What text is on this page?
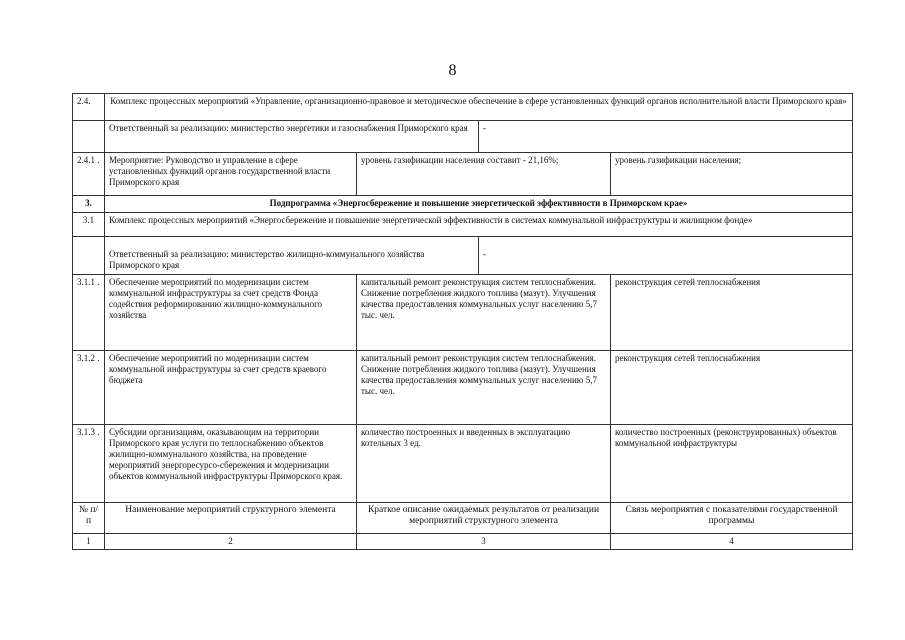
8
2.4.	Комплекс процессных мероприятий «Управление, организационно-правовое и методическое обеспечение в сфере установленных функций органов исполнительной власти Приморского края»			
	Ответственный за реализацию: министерство энергетики и газоснабжения Приморского края		-	
2.4.1 .	Мероприятие: Руководство и управление в сфере установленных функций органов государственной власти Приморского края	уровень газификации населения составит - 21,16%;		уровень газификации населения;
3.	Подпрограмма «Энергосбережение и повышение энергетической эффективности в Приморском крае»			
3.1	Комплекс процессных мероприятий «Энергосбережение и повышение энергетической эффективности в системах коммунальной инфраструктуры и жилищном фонде»			
	Ответственный за реализацию: министерство жилищно-коммунального хозяйства Приморского края		-	
3.1.1 .	Обеспечение мероприятий по модернизации систем коммунальной инфраструктуры за счет средств Фонда содействия реформированию жилищно-коммунального хозяйства	капитальный ремонт реконструкция систем теплоснабжения. Снижение потребления жидкого топлива (мазут). Улучшения качества предоставления коммунальных услуг населению 5,7 тыс. чел.		реконструкция сетей теплоснабжения
3.1.2 .	Обеспечение мероприятий по модернизации систем коммунальной инфраструктуры за счет средств краевого бюджета	капитальный ремонт реконструкция систем теплоснабжения. Снижение потребления жидкого топлива (мазут). Улучшения качества предоставления коммунальных услуг населению 5,7 тыс. чел.		реконструкция сетей теплоснабжения
3.1.3 .	Субсидии организациям, оказывающим на территории Приморского края услуги по теплоснабжению объектов жилищно-коммунального хозяйства, на проведение мероприятий энергоресурсо-сбережения и модернизации объектов коммунальной инфраструктуры Приморского края.	количество построенных и введенных в эксплуатацию котельных 3 ед.		количество построенных (реконструированных) объектов коммунальной инфраструктуры
№ п/п	Наименование мероприятий структурного элемента	Краткое описание ожидаемых результатов от реализации мероприятий структурного элемента		Связь мероприятия с показателями государственной программы
1	2	3		4
